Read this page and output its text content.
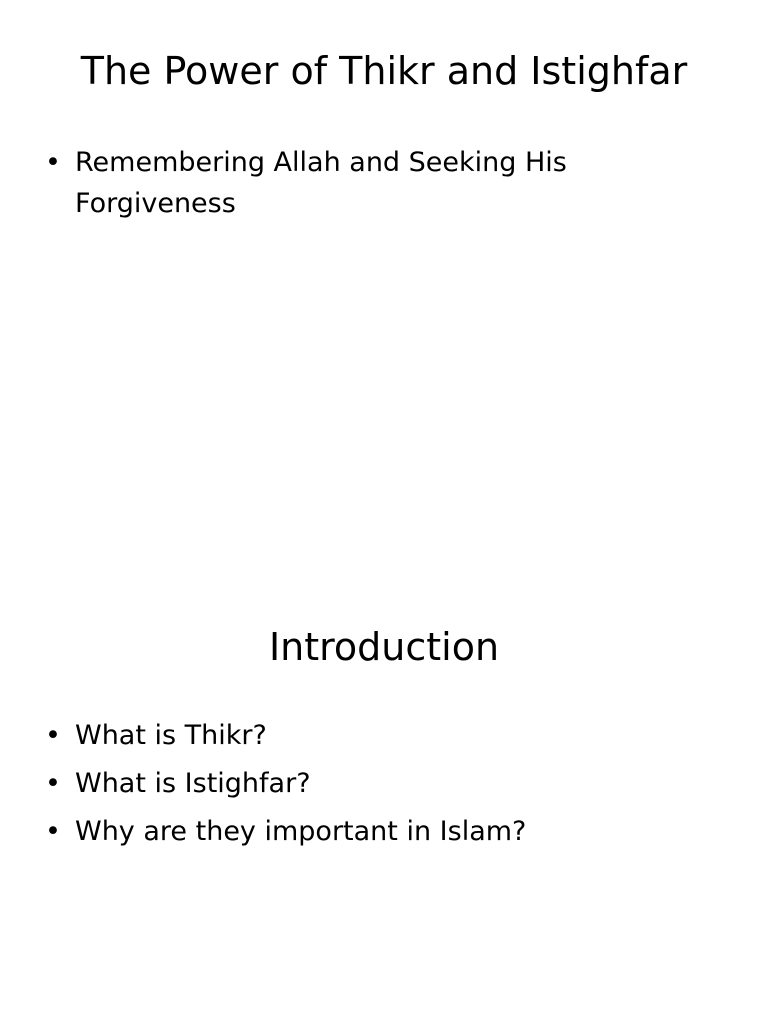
The Power of Thikr and Istighfar
• Remembering Allah and Seeking His Forgiveness
Introduction
• What is Thikr?
• What is Istighfar?
• Why are they important in Islam?
